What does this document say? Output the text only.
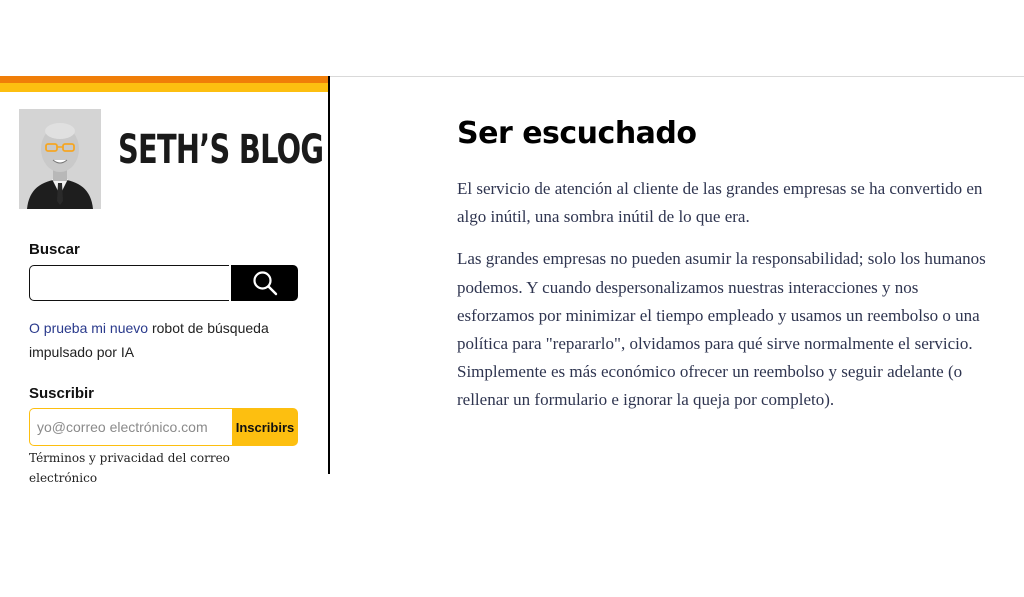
SETH’S BLOG
Buscar
O prueba mi nuevo robot de búsqueda impulsado por IA
Suscribir
yo@correo electrónico.com
Inscribirs
Términos y privacidad del correo electrónico
Ser escuchado

El servicio de atención al cliente de las grandes empresas se ha convertido en algo inútil, una sombra inútil de lo que era.

Las grandes empresas no pueden asumir la responsabilidad; solo los humanos podemos. Y cuando despersonalizamos nuestras interacciones y nos esforzamos por minimizar el tiempo empleado y usamos un reembolso o una política para "repararlo", olvidamos para qué sirve normalmente el servicio. Simplemente es más económico ofrecer un reembolso y seguir adelante (o rellenar un formulario e ignorar la queja por completo).
